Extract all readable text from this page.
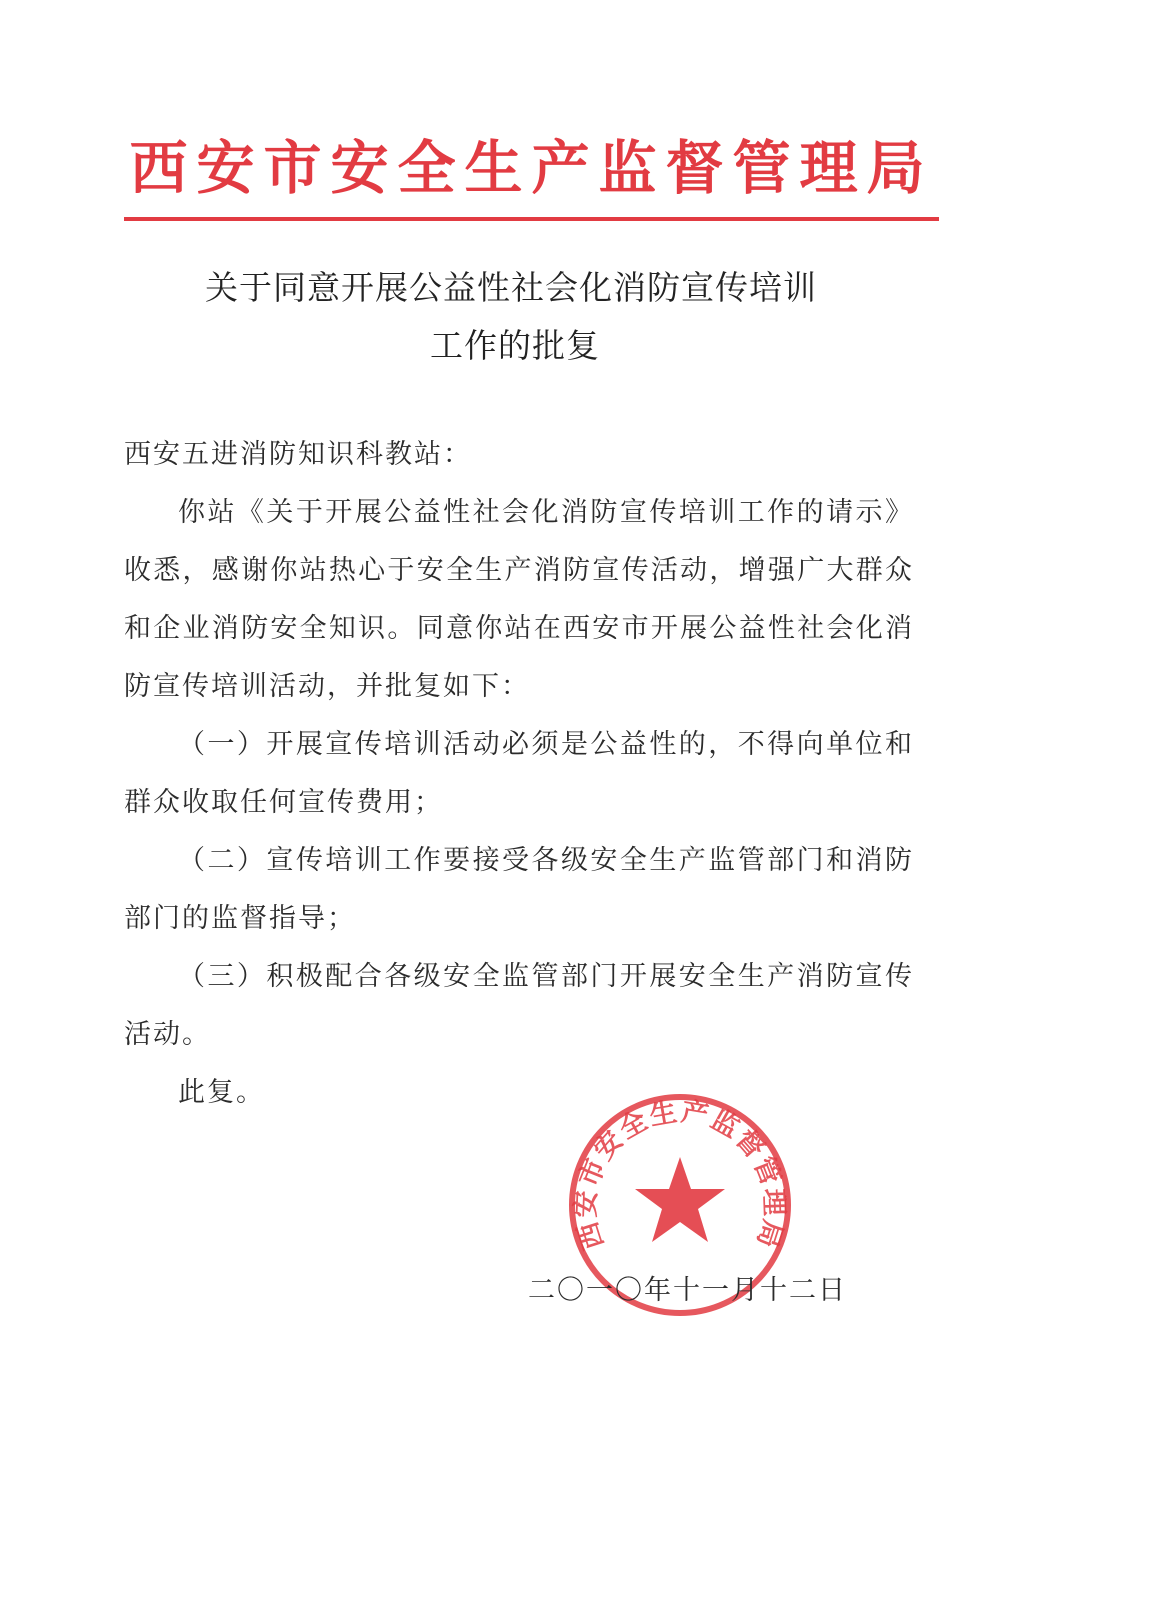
西安市安全生产监督管理局
关于同意开展公益性社会化消防宣传培训
工作的批复
西安五进消防知识科教站：
你站《关于开展公益性社会化消防宣传培训工作的请示》收悉，感谢你站热心于安全生产消防宣传活动，增强广大群众和企业消防安全知识。同意你站在西安市开展公益性社会化消防宣传培训活动，并批复如下：
（一）开展宣传培训活动必须是公益性的，不得向单位和群众收取任何宣传费用；
（二）宣传培训工作要接受各级安全生产监管部门和消防部门的监督指导；
（三）积极配合各级安全监管部门开展安全生产消防宣传活动。
此复。
西安市安全生产监督管理局
二〇一〇年十一月十二日
